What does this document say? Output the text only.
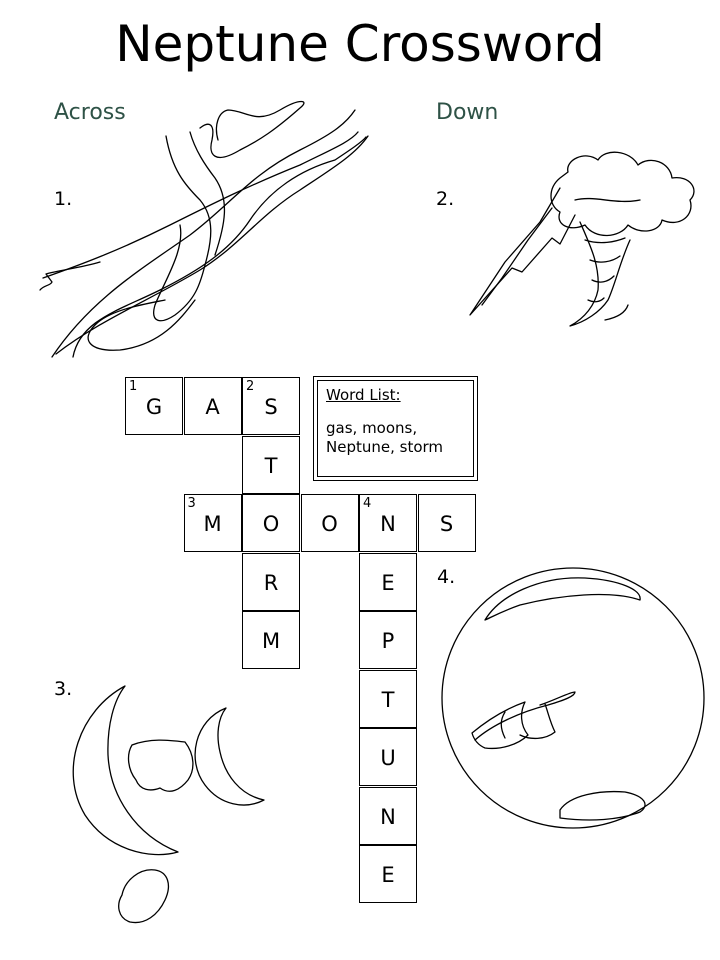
Neptune Crossword
Across	Down
1.	2.
3.
4.
1
G	A
2
S
T
3
M	O	O
4
N	S
R	E
M	P
T
U
N
E
Word List:
gas, moons,
Neptune, storm
